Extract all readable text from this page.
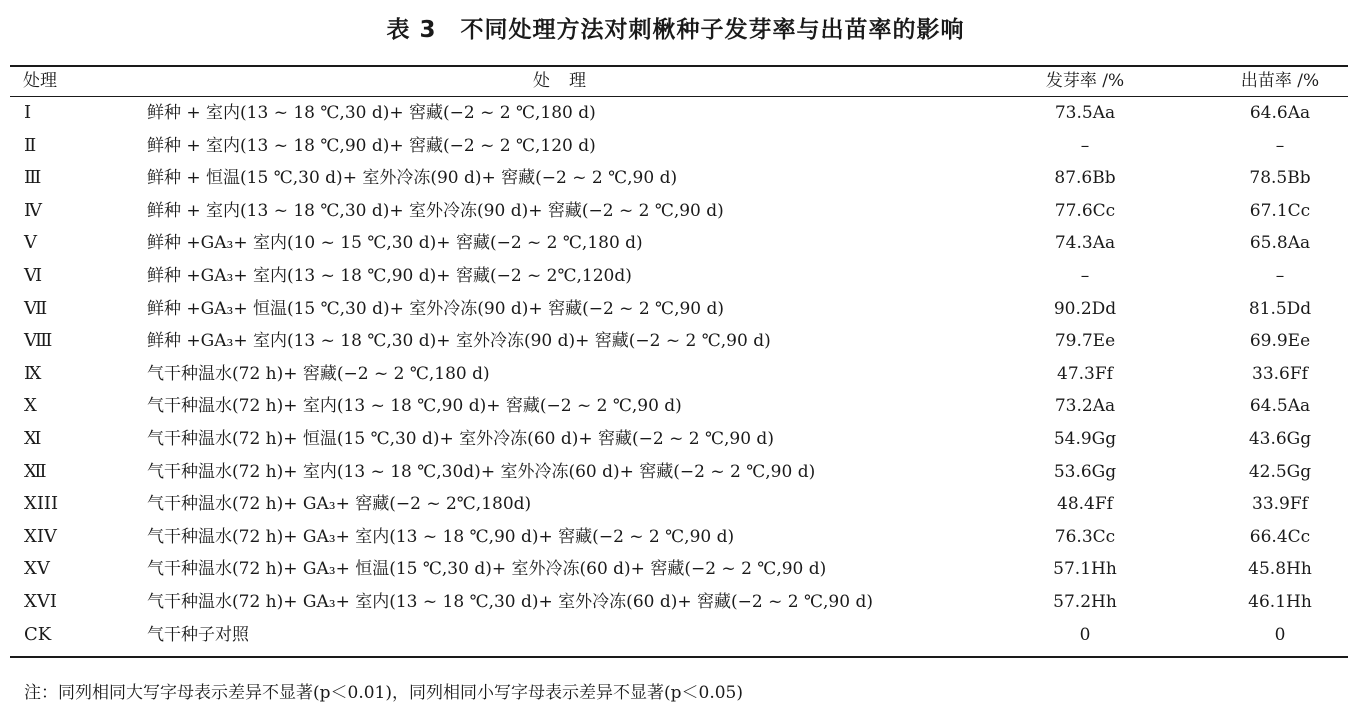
表 3　不同处理方法对刺楸种子发芽率与出苗率的影响
处理	处　理	发芽率 /%	出苗率 /%
Ⅰ	鲜种 + 室内(13 ~ 18 ℃,30 d)+ 窖藏(−2 ~ 2 ℃,180 d)	73.5Aa	64.6Aa
Ⅱ	鲜种 + 室内(13 ~ 18 ℃,90 d)+ 窖藏(−2 ~ 2 ℃,120 d)	–	–
Ⅲ	鲜种 + 恒温(15 ℃,30 d)+ 室外冷冻(90 d)+ 窖藏(−2 ~ 2 ℃,90 d)	87.6Bb	78.5Bb
Ⅳ	鲜种 + 室内(13 ~ 18 ℃,30 d)+ 室外冷冻(90 d)+ 窖藏(−2 ~ 2 ℃,90 d)	77.6Cc	67.1Cc
Ⅴ	鲜种 +GA₃+ 室内(10 ~ 15 ℃,30 d)+ 窖藏(−2 ~ 2 ℃,180 d)	74.3Aa	65.8Aa
Ⅵ	鲜种 +GA₃+ 室内(13 ~ 18 ℃,90 d)+ 窖藏(−2 ~ 2℃,120d)	–	–
Ⅶ	鲜种 +GA₃+ 恒温(15 ℃,30 d)+ 室外冷冻(90 d)+ 窖藏(−2 ~ 2 ℃,90 d)	90.2Dd	81.5Dd
Ⅷ	鲜种 +GA₃+ 室内(13 ~ 18 ℃,30 d)+ 室外冷冻(90 d)+ 窖藏(−2 ~ 2 ℃,90 d)	79.7Ee	69.9Ee
Ⅸ	气干种温水(72 h)+ 窖藏(−2 ~ 2 ℃,180 d)	47.3Ff	33.6Ff
Ⅹ	气干种温水(72 h)+ 室内(13 ~ 18 ℃,90 d)+ 窖藏(−2 ~ 2 ℃,90 d)	73.2Aa	64.5Aa
Ⅺ	气干种温水(72 h)+ 恒温(15 ℃,30 d)+ 室外冷冻(60 d)+ 窖藏(−2 ~ 2 ℃,90 d)	54.9Gg	43.6Gg
Ⅻ	气干种温水(72 h)+ 室内(13 ~ 18 ℃,30d)+ 室外冷冻(60 d)+ 窖藏(−2 ~ 2 ℃,90 d)	53.6Gg	42.5Gg
XIII	气干种温水(72 h)+ GA₃+ 窖藏(−2 ~ 2℃,180d)	48.4Ff	33.9Ff
XIV	气干种温水(72 h)+ GA₃+ 室内(13 ~ 18 ℃,90 d)+ 窖藏(−2 ~ 2 ℃,90 d)	76.3Cc	66.4Cc
XV	气干种温水(72 h)+ GA₃+ 恒温(15 ℃,30 d)+ 室外冷冻(60 d)+ 窖藏(−2 ~ 2 ℃,90 d)	57.1Hh	45.8Hh
XVI	气干种温水(72 h)+ GA₃+ 室内(13 ~ 18 ℃,30 d)+ 室外冷冻(60 d)+ 窖藏(−2 ~ 2 ℃,90 d)	57.2Hh	46.1Hh
CK	气干种子对照	0	0
注：同列相同大写字母表示差异不显著(p＜0.01)，同列相同小写字母表示差异不显著(p＜0.05)
